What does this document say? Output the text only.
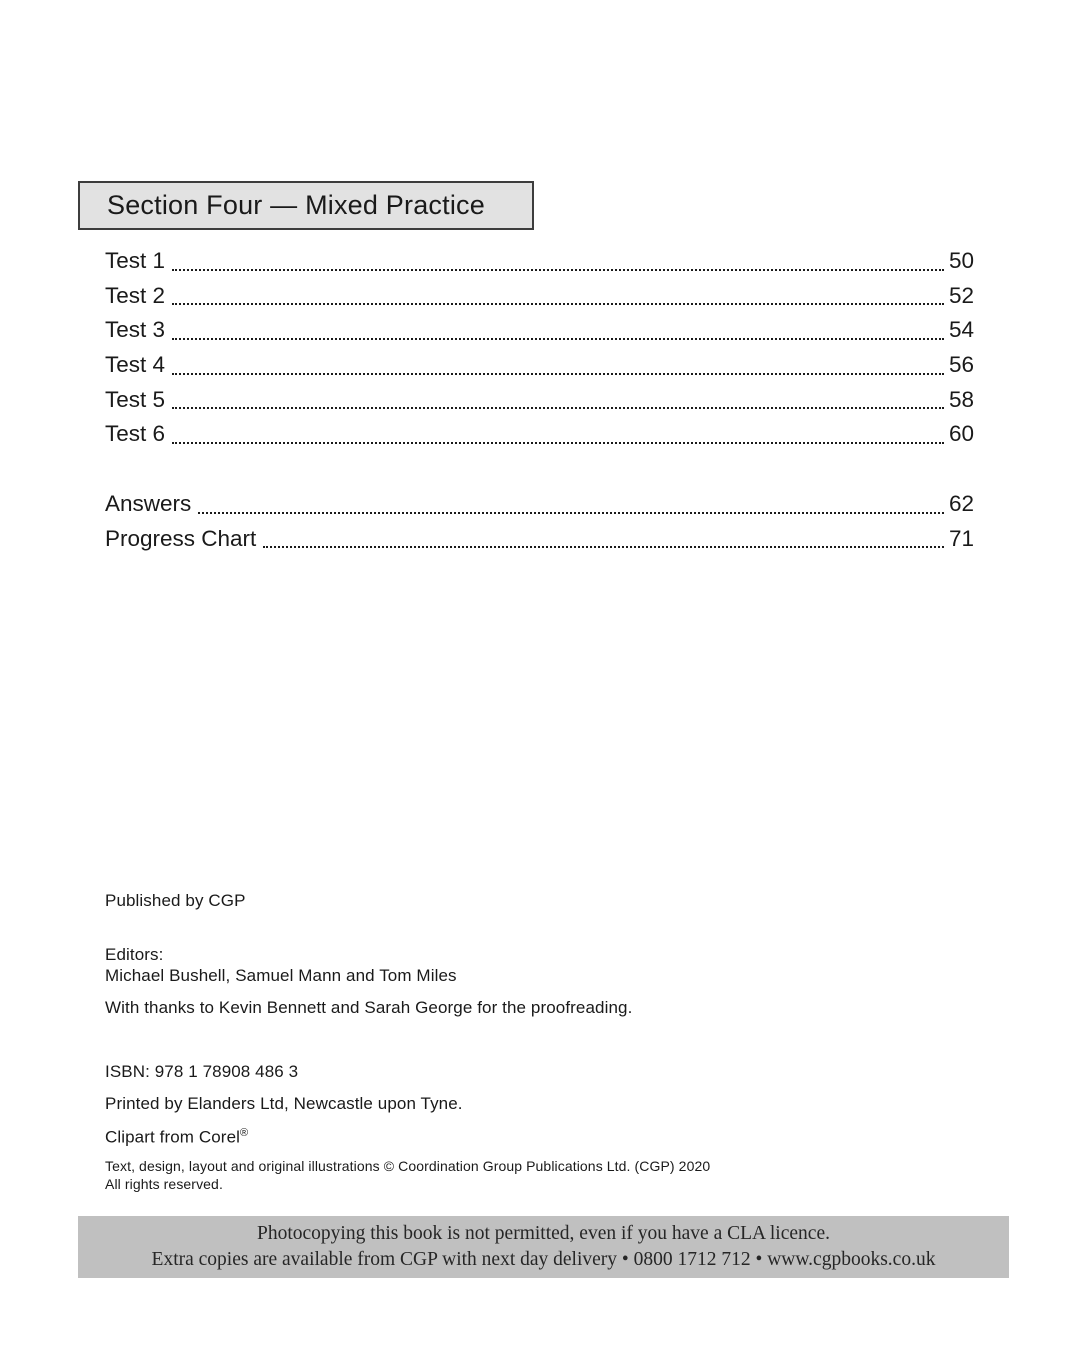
Section Four — Mixed Practice
Test 1	50
Test 2	52
Test 3	54
Test 4	56
Test 5	58
Test 6	60
Answers	62
Progress Chart	71
Published by CGP
Editors:
Michael Bushell, Samuel Mann and Tom Miles
With thanks to Kevin Bennett and Sarah George for the proofreading.
ISBN: 978 1 78908 486 3
Printed by Elanders Ltd, Newcastle upon Tyne.
Clipart from Corel®
Text, design, layout and original illustrations © Coordination Group Publications Ltd. (CGP) 2020
All rights reserved.
Photocopying this book is not permitted, even if you have a CLA licence.
Extra copies are available from CGP with next day delivery • 0800 1712 712 • www.cgpbooks.co.uk
